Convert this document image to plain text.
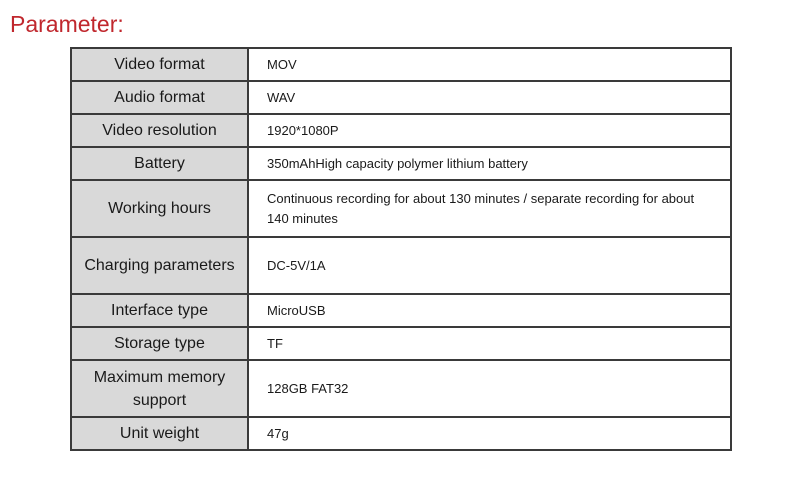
Parameter:
Video format	MOV
Audio format	WAV
Video resolution	1920*1080P
Battery	350mAhHigh capacity polymer lithium battery
Working hours	Continuous recording for about 130 minutes / separate recording for about 140 minutes
Charging parameters	DC-5V/1A
Interface type	MicroUSB
Storage type	TF
Maximum memory support	128GB FAT32
Unit weight	47g
